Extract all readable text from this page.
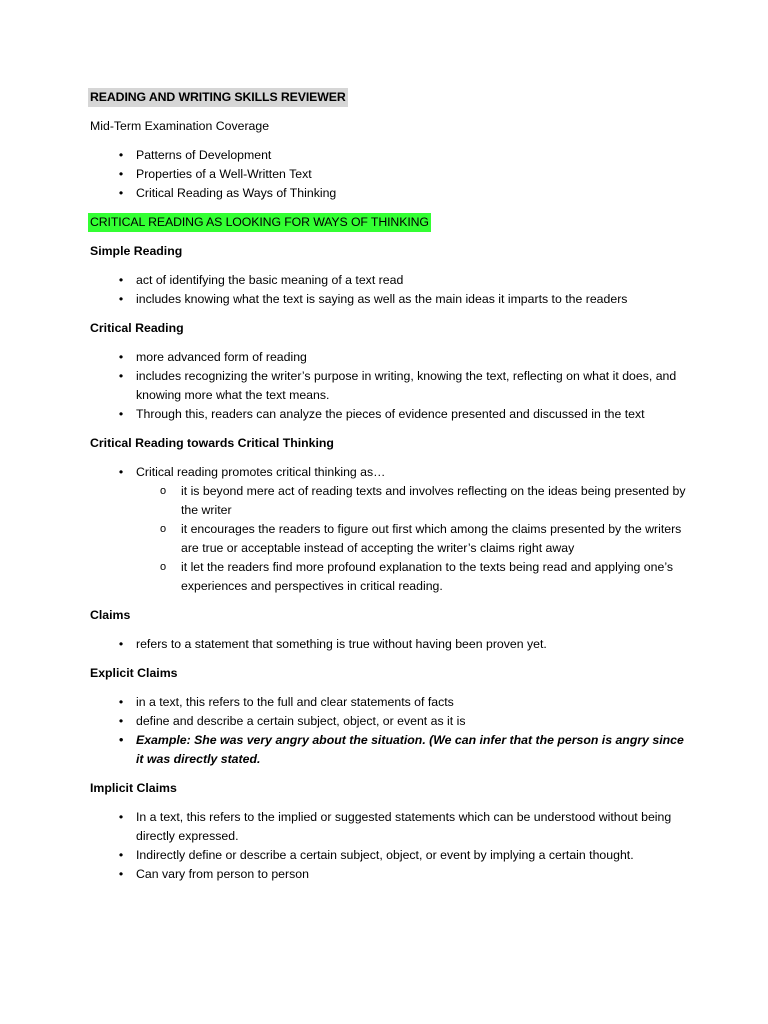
READING AND WRITING SKILLS REVIEWER

Mid-Term Examination Coverage

• Patterns of Development
• Properties of a Well-Written Text
• Critical Reading as Ways of Thinking

CRITICAL READING AS LOOKING FOR WAYS OF THINKING

Simple Reading

• act of identifying the basic meaning of a text read
• includes knowing what the text is saying as well as the main ideas it imparts to the readers

Critical Reading

• more advanced form of reading
• includes recognizing the writer’s purpose in writing, knowing the text, reflecting on what it does, and knowing more what the text means.
• Through this, readers can analyze the pieces of evidence presented and discussed in the text

Critical Reading towards Critical Thinking

• Critical reading promotes critical thinking as…
o it is beyond mere act of reading texts and involves reflecting on the ideas being presented by the writer
o it encourages the readers to figure out first which among the claims presented by the writers are true or acceptable instead of accepting the writer’s claims right away
o it let the readers find more profound explanation to the texts being read and applying one’s experiences and perspectives in critical reading.

Claims

• refers to a statement that something is true without having been proven yet.

Explicit Claims

• in a text, this refers to the full and clear statements of facts
• define and describe a certain subject, object, or event as it is
• Example: She was very angry about the situation. (We can infer that the person is angry since it was directly stated.

Implicit Claims

• In a text, this refers to the implied or suggested statements which can be understood without being directly expressed.
• Indirectly define or describe a certain subject, object, or event by implying a certain thought.
• Can vary from person to person
